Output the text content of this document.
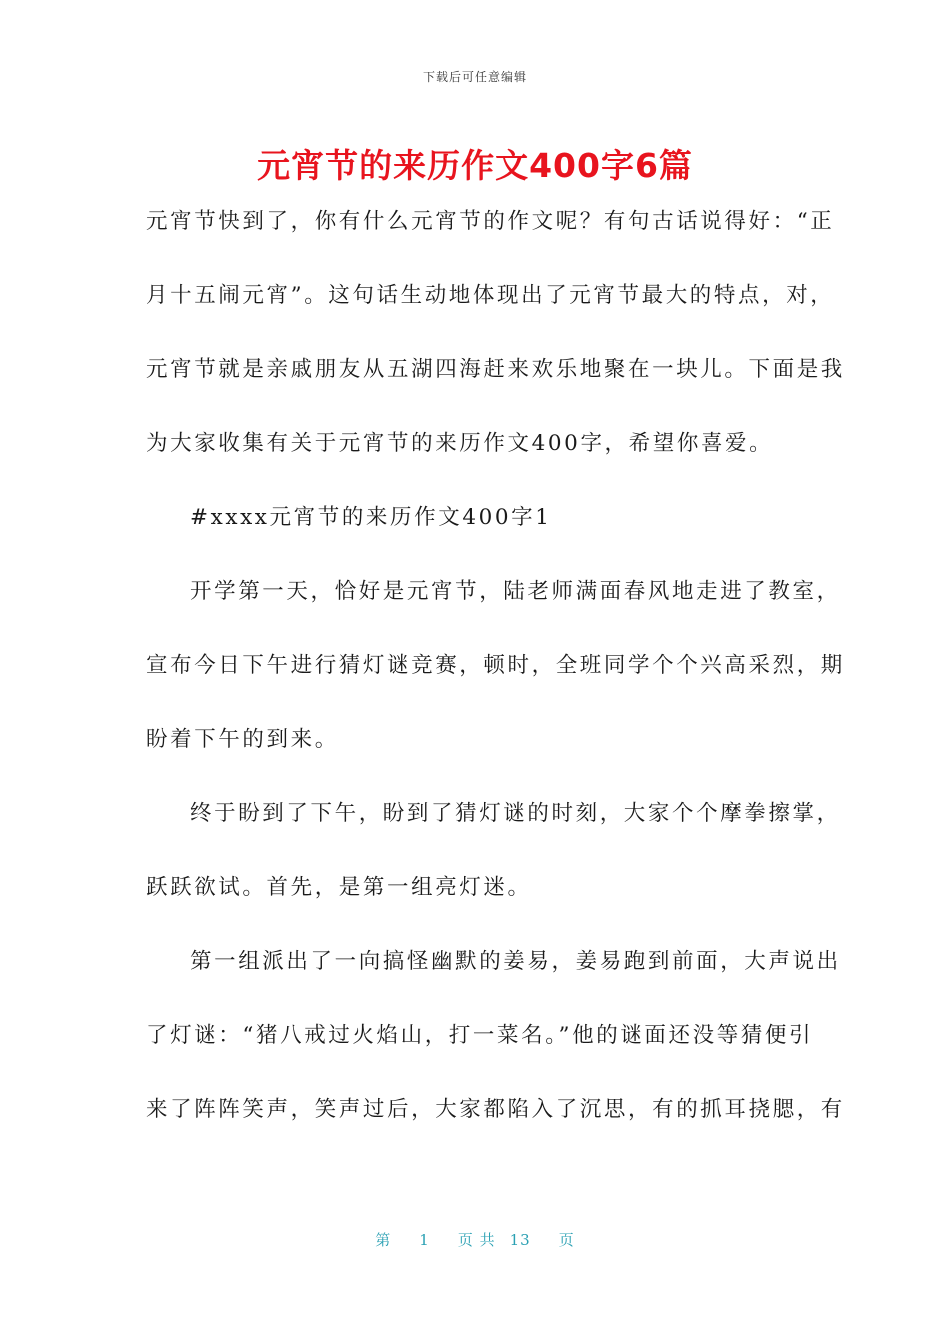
下载后可任意编辑
元宵节的来历作文400字6篇

元宵节快到了，你有什么元宵节的作文呢？有句古话说得好：“正

月十五闹元宵”。这句话生动地体现出了元宵节最大的特点，对，

元宵节就是亲戚朋友从五湖四海赶来欢乐地聚在一块儿。下面是我

为大家收集有关于元宵节的来历作文400字，希望你喜爱。

#xxxx元宵节的来历作文400字1

开学第一天，恰好是元宵节，陆老师满面春风地走进了教室，

宣布今日下午进行猜灯谜竞赛，顿时，全班同学个个兴高采烈，期

盼着下午的到来。

终于盼到了下午，盼到了猜灯谜的时刻，大家个个摩拳擦掌，

跃跃欲试。首先，是第一组亮灯迷。

第一组派出了一向搞怪幽默的姜易，姜易跑到前面，大声说出

了灯谜：“猪八戒过火焰山，打一菜名。”他的谜面还没等猜便引

来了阵阵笑声，笑声过后，大家都陷入了沉思，有的抓耳挠腮，有

第 1 页 共 13 页
